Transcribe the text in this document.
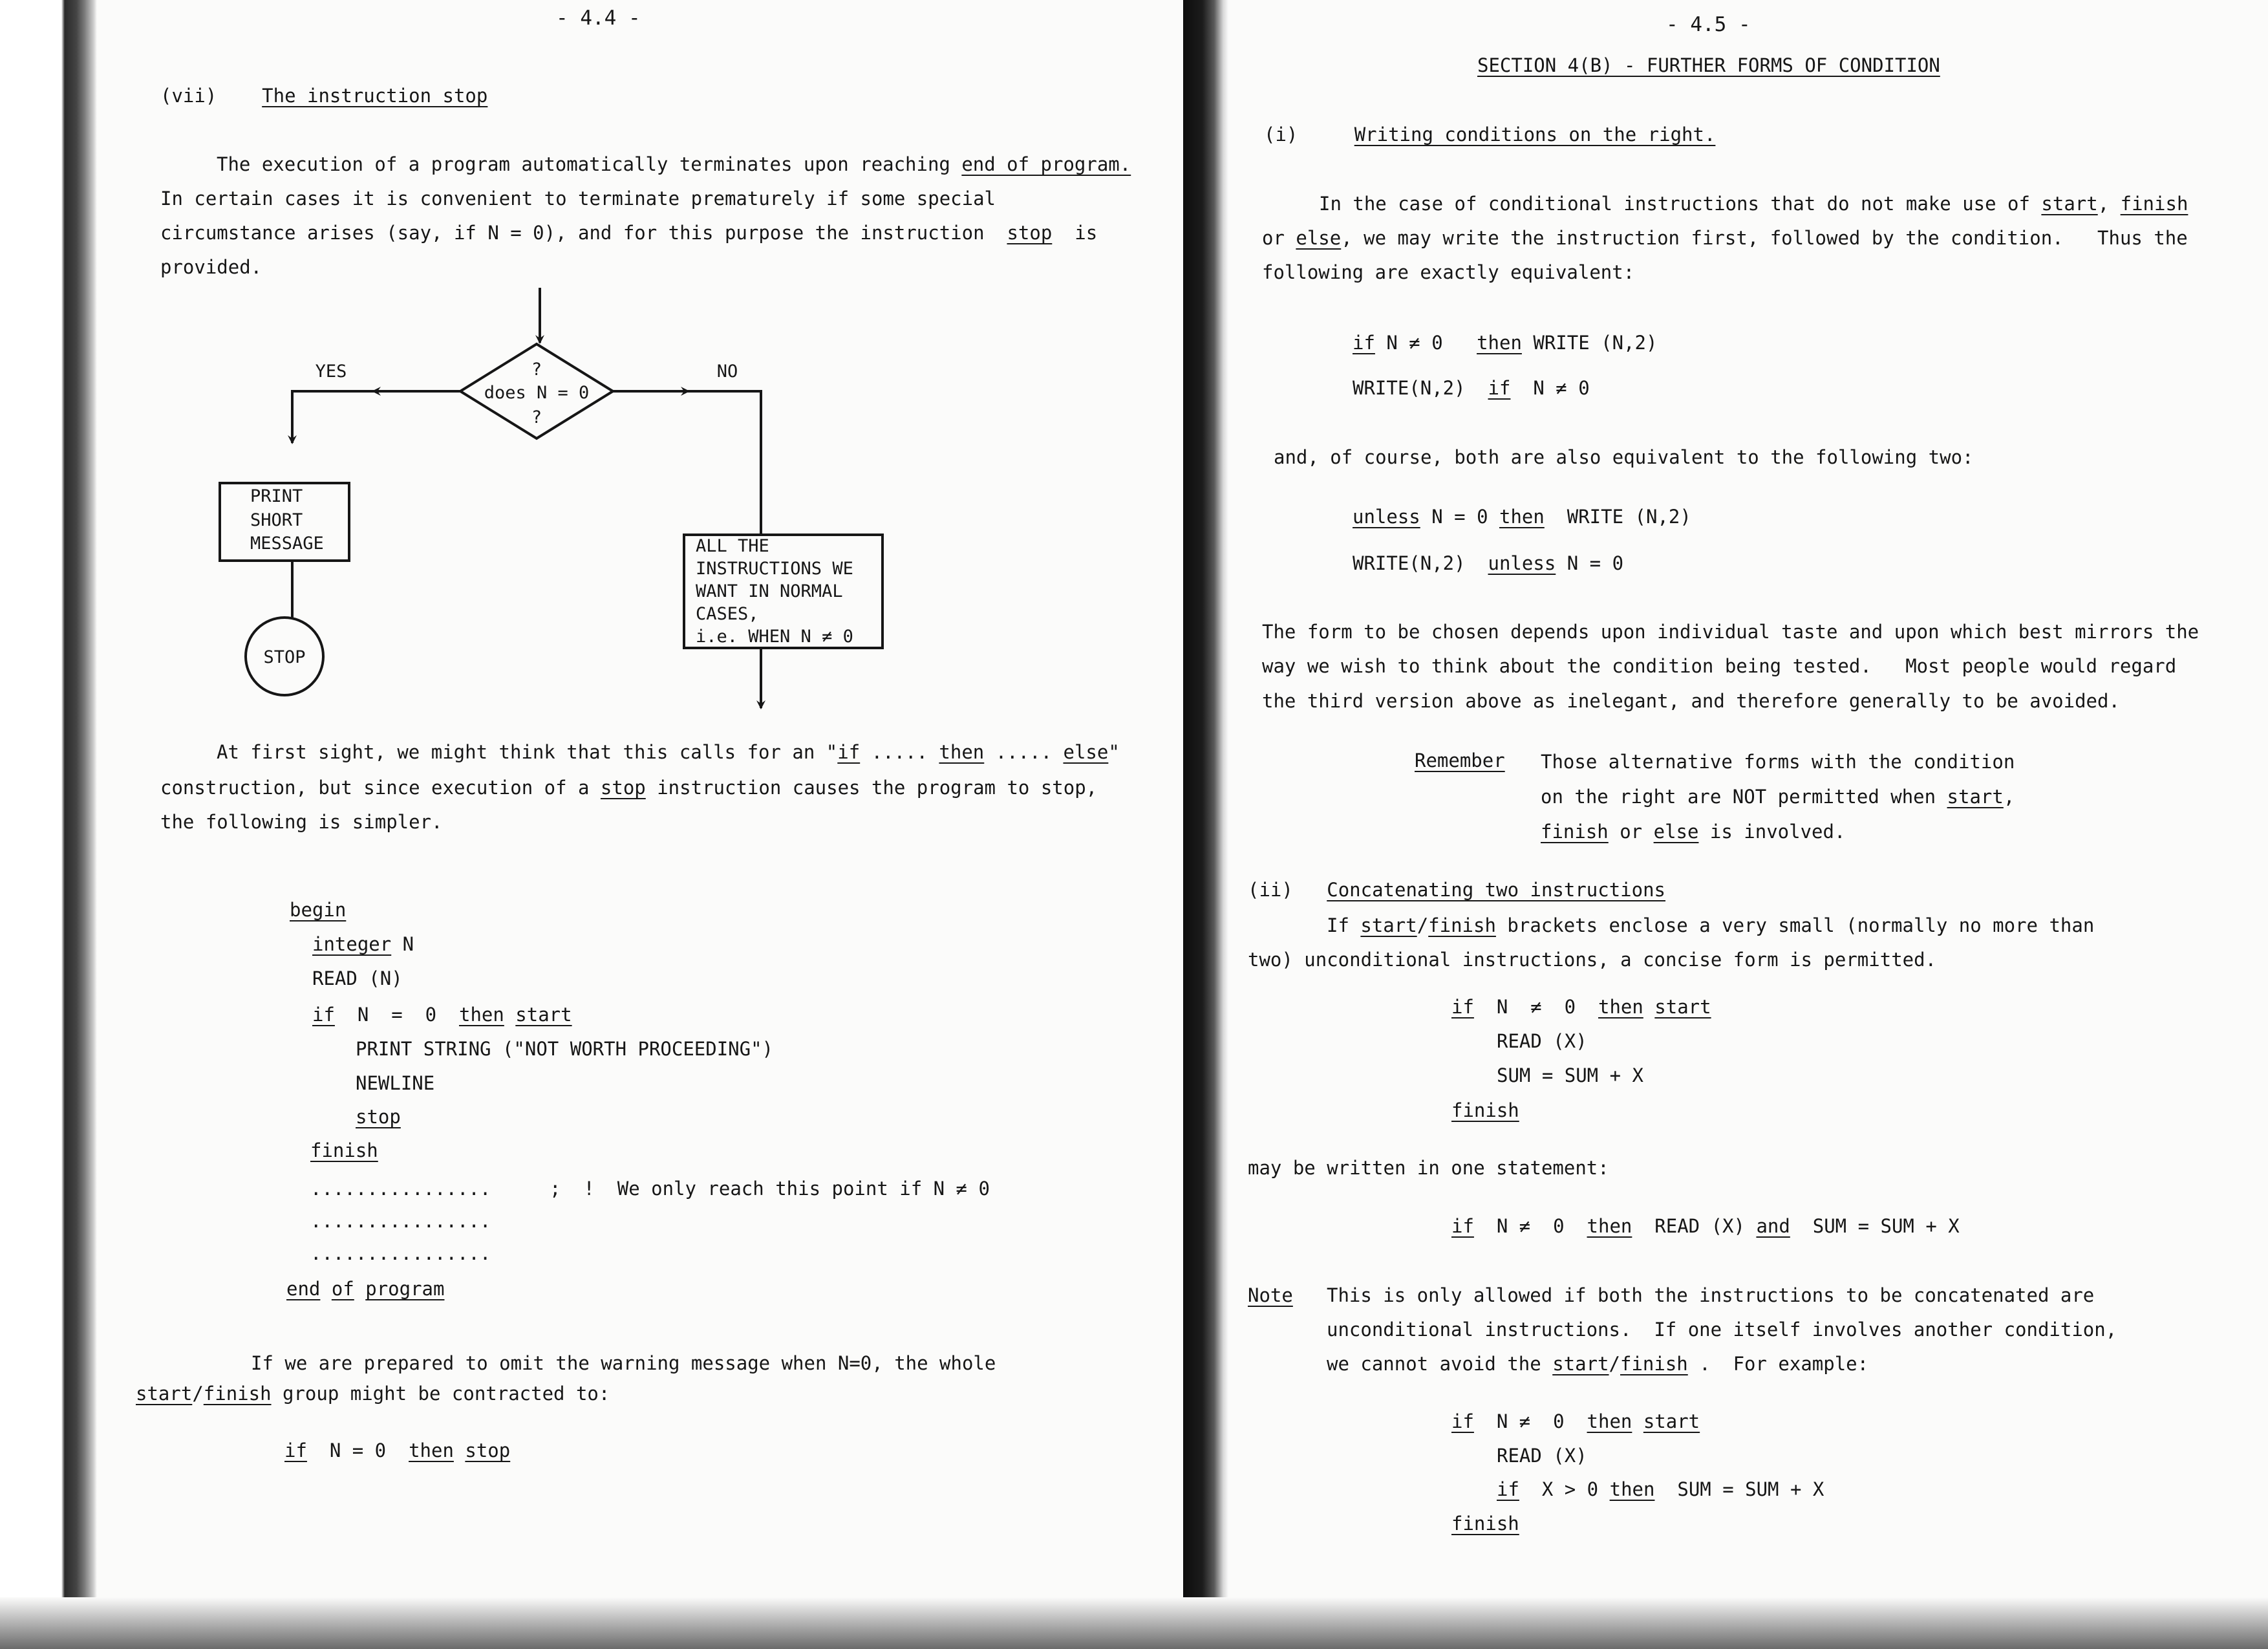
- 4.4 -
(vii) The instruction stop
The execution of a program automatically terminates upon reaching end of program.
In certain cases it is convenient to terminate prematurely if some special
circumstance arises (say, if N = 0), and for this purpose the instruction  stop  is
provided.
?
does N = 0
?
YES	NO
PRINT
SHORT
MESSAGE
STOP
ALL THE
INSTRUCTIONS WE
WANT IN NORMAL
CASES,
i.e. WHEN N ≠ 0
At first sight, we might think that this calls for an "if ..... then ..... else"
construction, but since execution of a stop instruction causes the program to stop,
the following is simpler.
begin
integer N
READ (N)
if  N  =  0  then start
PRINT STRING ("NOT WORTH PROCEEDING")
NEWLINE
stop
finish
................	;  !  We only reach this point if N ≠ 0
................
................
end of program
If we are prepared to omit the warning message when N=0, the whole
start/finish group might be contracted to:
if  N = 0  then stop
- 4.5 -
SECTION 4(B) - FURTHER FORMS OF CONDITION
(i)	Writing conditions on the right.
In the case of conditional instructions that do not make use of start, finish
or else, we may write the instruction first, followed by the condition.   Thus the
following are exactly equivalent:
if N ≠ 0   then WRITE (N,2)
WRITE(N,2)  if  N ≠ 0
and, of course, both are also equivalent to the following two:
unless N = 0 then  WRITE (N,2)
WRITE(N,2)  unless N = 0
The form to be chosen depends upon individual taste and upon which best mirrors the
way we wish to think about the condition being tested.   Most people would regard
the third version above as inelegant, and therefore generally to be avoided.
Remember Those alternative forms with the condition
on the right are NOT permitted when start,
finish or else is involved.
(ii) Concatenating two instructions
If start/finish brackets enclose a very small (normally no more than
two) unconditional instructions, a concise form is permitted.
if  N  ≠  0  then start
READ (X)
SUM = SUM + X
finish
may be written in one statement:
if  N ≠  0  then  READ (X) and  SUM = SUM + X
Note This is only allowed if both the instructions to be concatenated are
unconditional instructions.  If one itself involves another condition,
we cannot avoid the start/finish .  For example:
if  N ≠  0  then start
READ (X)
if  X > 0 then  SUM = SUM + X
finish
